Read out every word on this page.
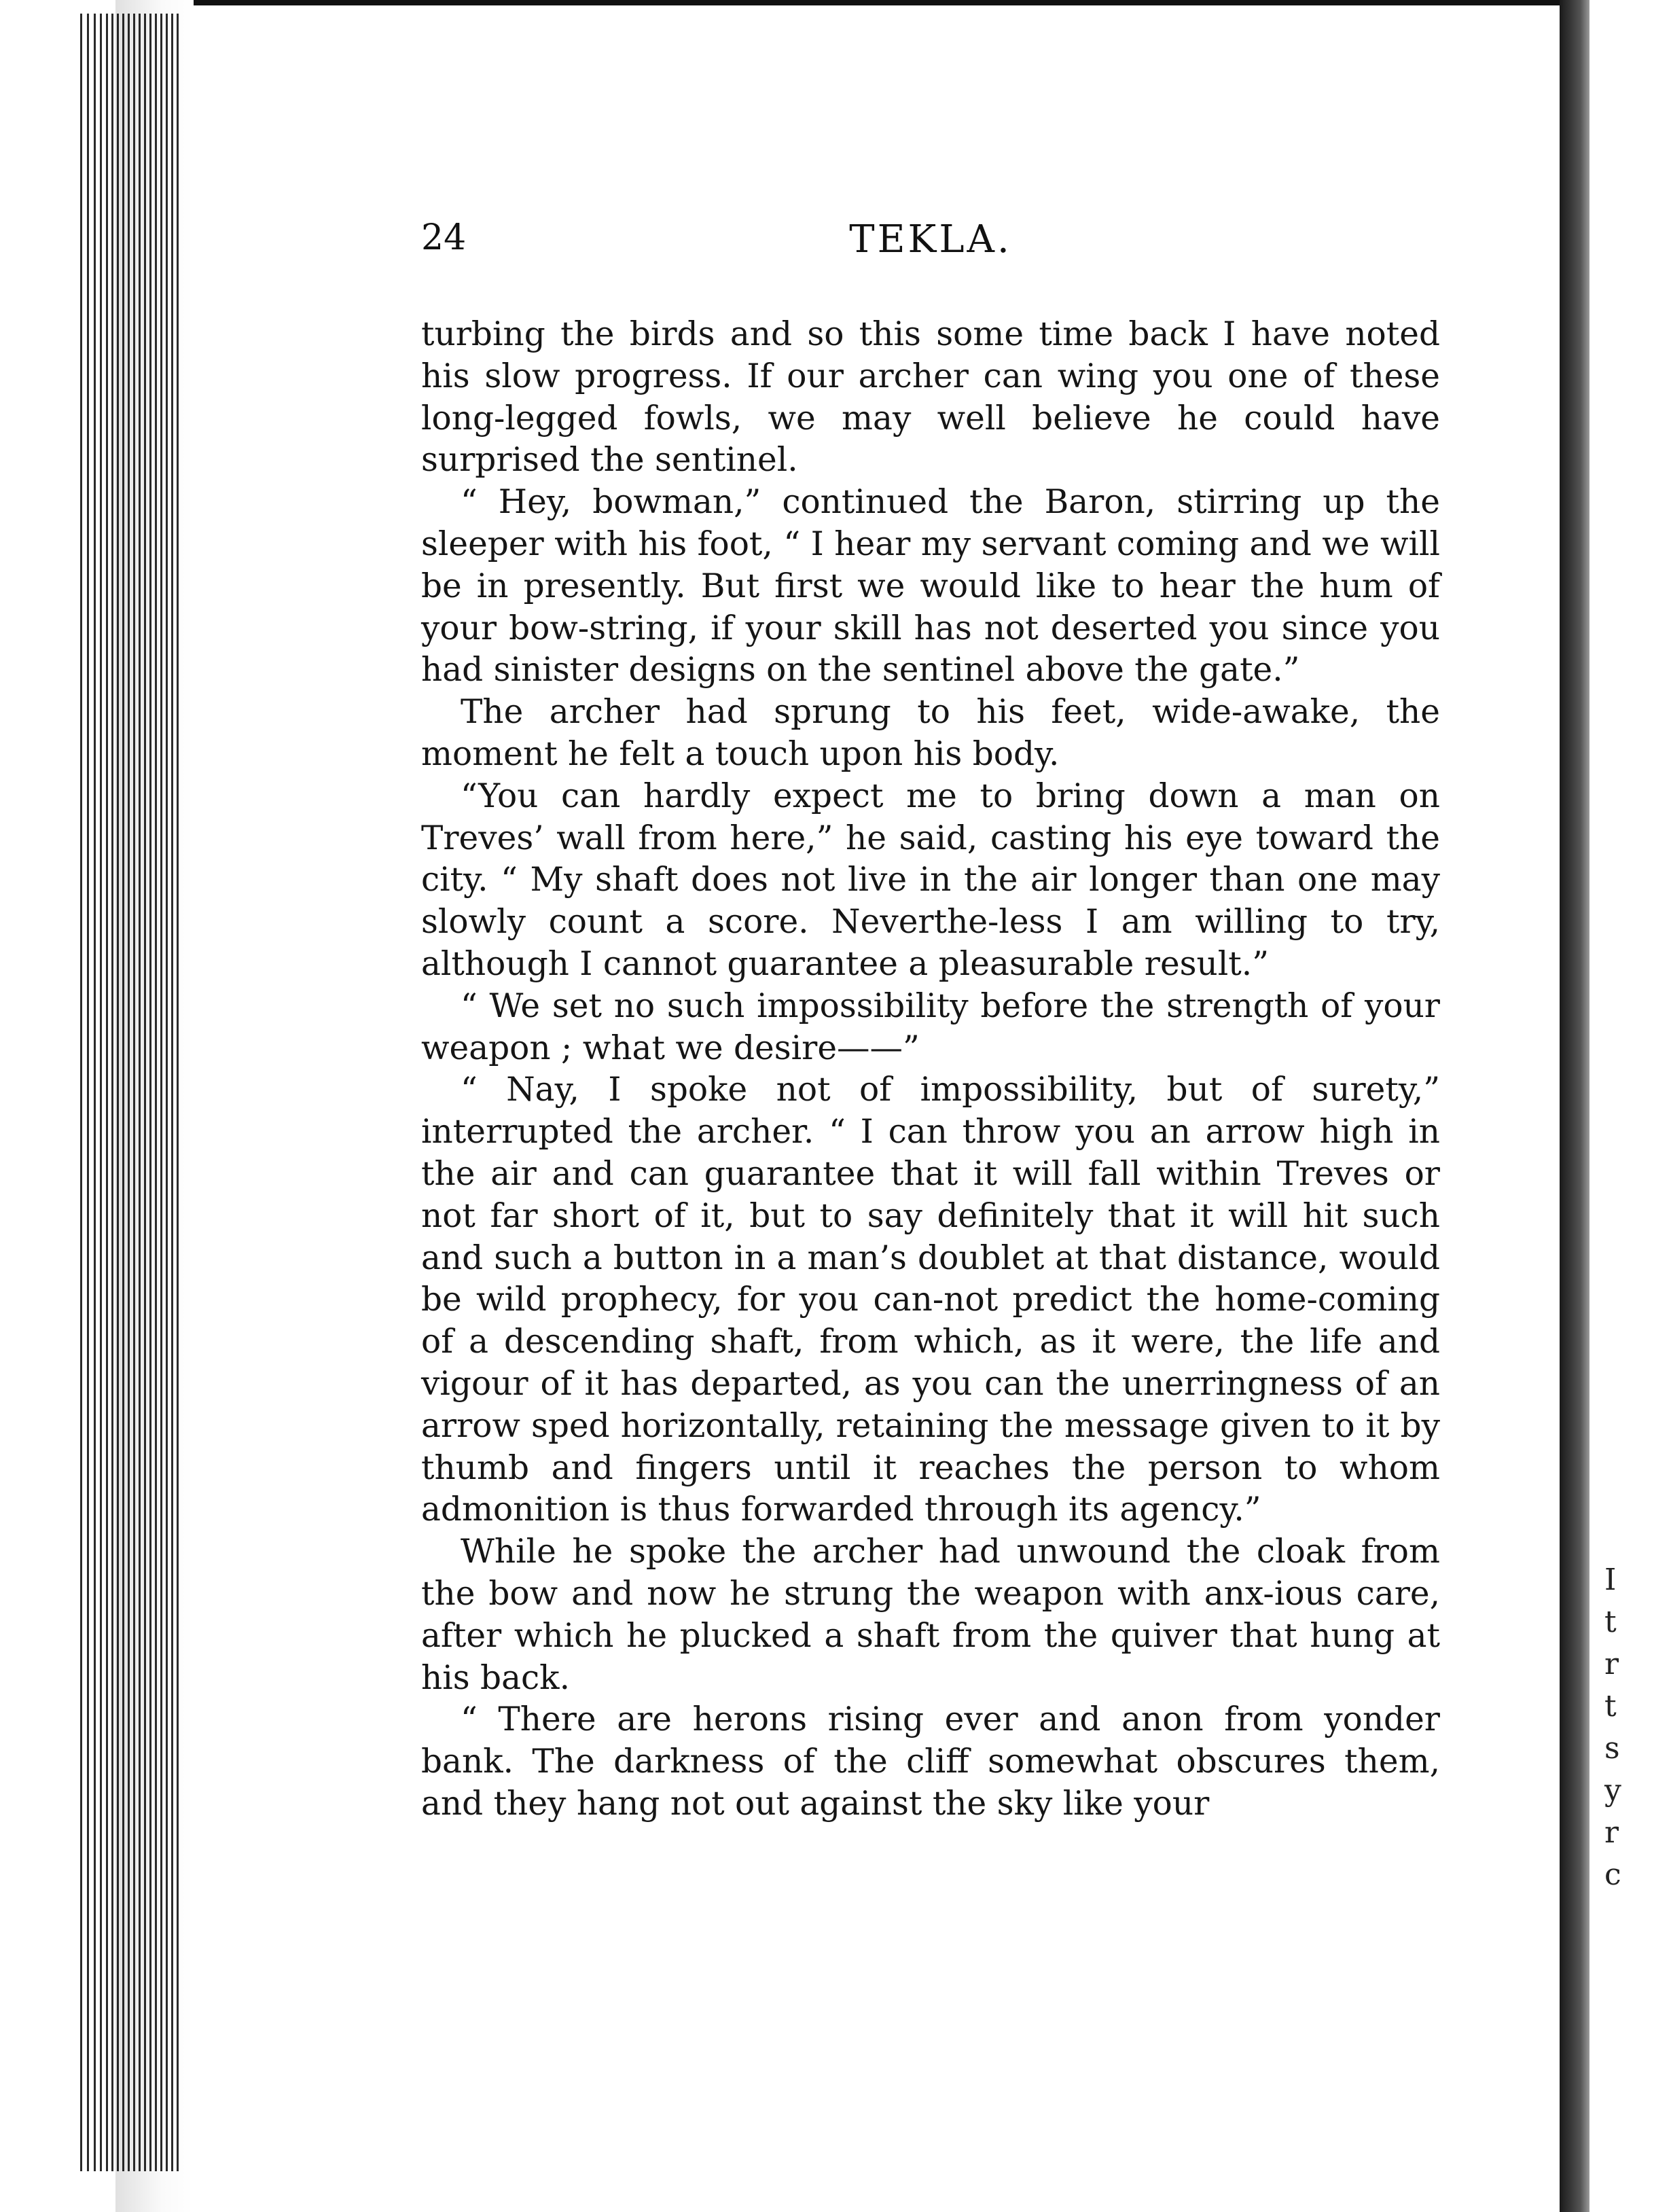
I
t
r
t
s
y
r
c
24	TEKLA.

turbing the birds and so this some time back I have noted his slow progress. If our archer can wing you one of these long-legged fowls, we may well believe he could have surprised the sentinel.

“ Hey, bowman,” continued the Baron, stirring up the sleeper with his foot, “ I hear my servant coming and we will be in presently. But first we would like to hear the hum of your bow-string, if your skill has not deserted you since you had sinister designs on the sentinel above the gate.”

The archer had sprung to his feet, wide-awake, the moment he felt a touch upon his body.

“You can hardly expect me to bring down a man on Treves’ wall from here,” he said, casting his eye toward the city. “ My shaft does not live in the air longer than one may slowly count a score. Neverthe-less I am willing to try, although I cannot guarantee a pleasurable result.”

“ We set no such impossibility before the strength of your weapon ; what we desire——”

“ Nay, I spoke not of impossibility, but of surety,” interrupted the archer. “ I can throw you an arrow high in the air and can guarantee that it will fall within Treves or not far short of it, but to say definitely that it will hit such and such a button in a man’s doublet at that distance, would be wild prophecy, for you can-not predict the home-coming of a descending shaft, from which, as it were, the life and vigour of it has departed, as you can the unerringness of an arrow sped horizontally, retaining the message given to it by thumb and fingers until it reaches the person to whom admonition is thus forwarded through its agency.”

While he spoke the archer had unwound the cloak from the bow and now he strung the weapon with anx-ious care, after which he plucked a shaft from the quiver that hung at his back.

“ There are herons rising ever and anon from yonder bank. The darkness of the cliff somewhat obscures them, and they hang not out against the sky like your
